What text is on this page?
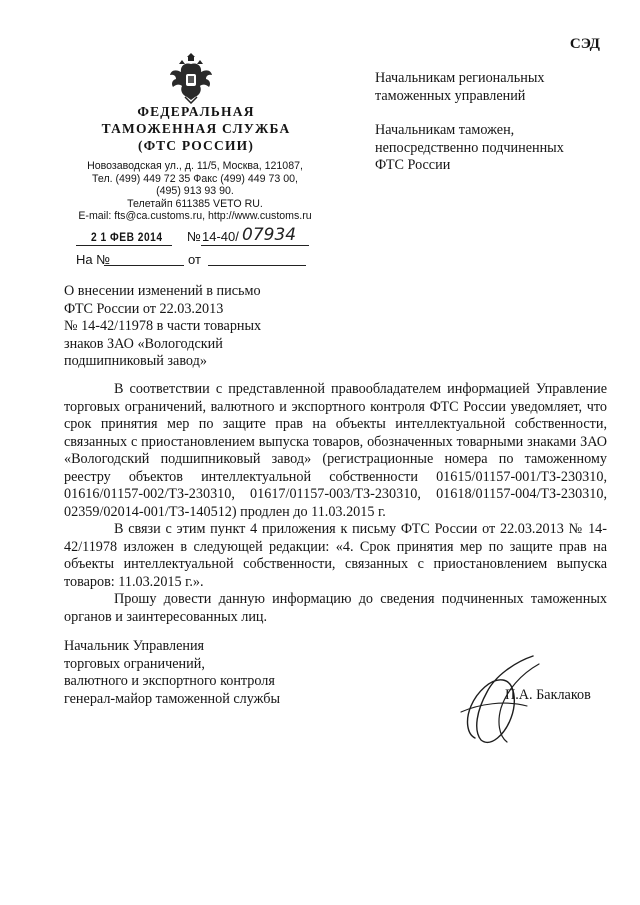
СЭД
ФЕДЕРАЛЬНАЯ
ТАМОЖЕННАЯ СЛУЖБА
(ФТС РОССИИ)
Новозаводская ул., д. 11/5, Москва, 121087,
Тел. (499) 449 72 35 Факс (499) 449 73 00,
(495) 913 93 90.
Телетайп 611385 VETO RU.
E-mail: fts@ca.customs.ru, http://www.customs.ru
2 1 ФЕВ 2014 № 14-40/ 07934
На №	от
Начальникам региональных
таможенных управлений
Начальникам таможен,
непосредственно подчиненных
ФТС России
О внесении изменений в письмо
ФТС России от 22.03.2013
№ 14-42/11978 в части товарных
знаков ЗАО «Вологодский
подшипниковый завод»

В соответствии с представленной правообладателем информацией Управление торговых ограничений, валютного и экспортного контроля ФТС России уведомляет, что срок принятия мер по защите прав на объекты интеллектуальной собственности, связанных с приостановлением выпуска товаров, обозначенных товарными знаками ЗАО «Вологодский подшипниковый завод» (регистрационные номера по таможенному реестру объектов интеллектуальной собственности 01615/01157-001/ТЗ-230310, 01616/01157-002/ТЗ-230310, 01617/01157-003/ТЗ-230310, 01618/01157-004/ТЗ-230310, 02359/02014-001/ТЗ-140512) продлен до 11.03.2015 г.

В связи с этим пункт 4 приложения к письму ФТС России от 22.03.2013 № 14-42/11978 изложен в следующей редакции: «4. Срок принятия мер по защите прав на объекты интеллектуальной собственности, связанных с приостановлением выпуска товаров: 11.03.2015 г.».

Прошу довести данную информацию до сведения подчиненных таможенных органов и заинтересованных лиц.

Начальник Управления
торговых ограничений,
валютного и экспортного контроля
генерал-майор таможенной службы	П.А. Баклаков
